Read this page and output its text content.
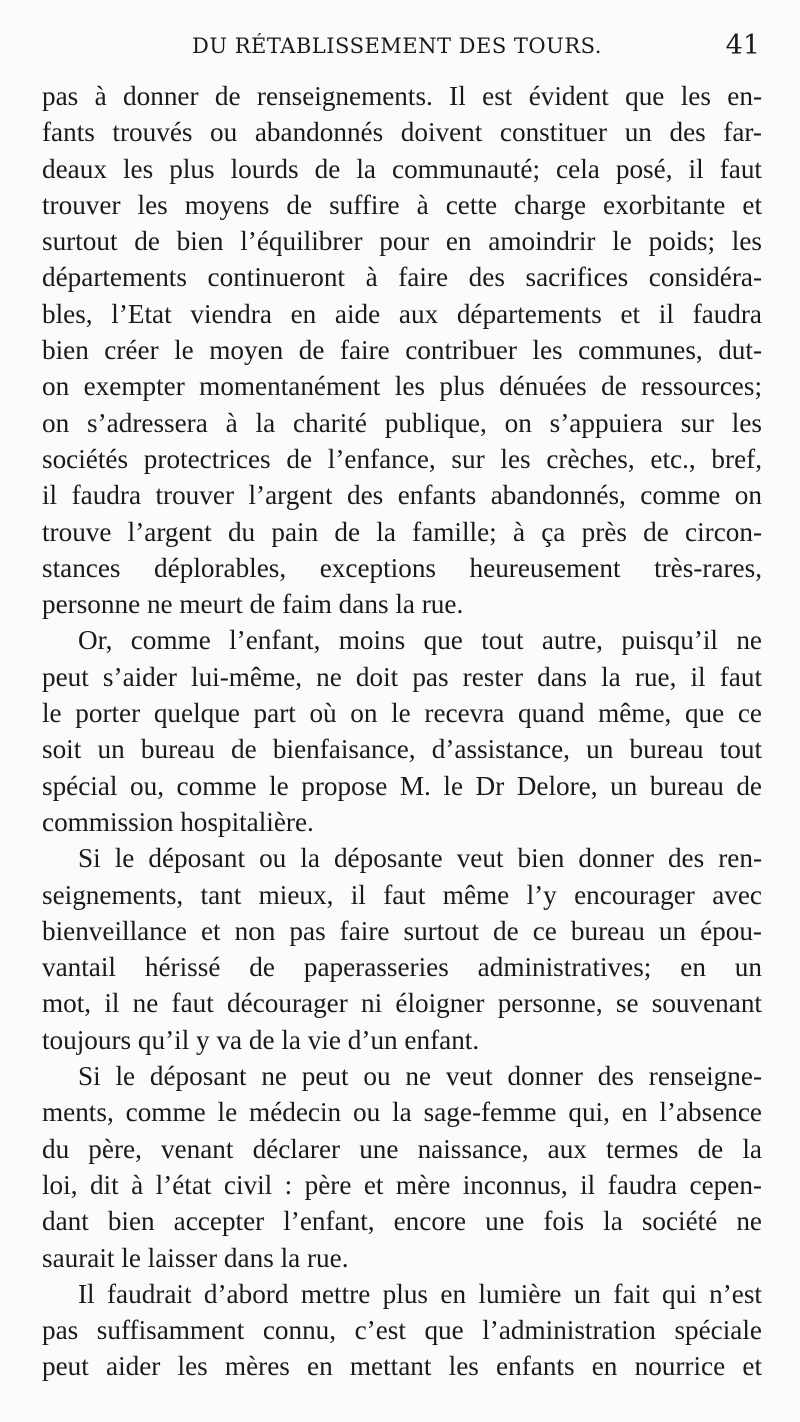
DU RÉTABLISSEMENT DES TOURS.	41
pas à donner de renseignements. Il est évident que les en-
fants trouvés ou abandonnés doivent constituer un des far-
deaux les plus lourds de la communauté; cela posé, il faut
trouver les moyens de suffire à cette charge exorbitante et
surtout de bien l’équilibrer pour en amoindrir le poids; les
départements continueront à faire des sacrifices considéra-
bles, l’Etat viendra en aide aux départements et il faudra
bien créer le moyen de faire contribuer les communes, dut-
on exempter momentanément les plus dénuées de ressources;
on s’adressera à la charité publique, on s’appuiera sur les
sociétés protectrices de l’enfance, sur les crèches, etc., bref,
il faudra trouver l’argent des enfants abandonnés, comme on
trouve l’argent du pain de la famille; à ça près de circon-
stances déplorables, exceptions heureusement très-rares,
personne ne meurt de faim dans la rue.
Or, comme l’enfant, moins que tout autre, puisqu’il ne
peut s’aider lui-même, ne doit pas rester dans la rue, il faut
le porter quelque part où on le recevra quand même, que ce
soit un bureau de bienfaisance, d’assistance, un bureau tout
spécial ou, comme le propose M. le Dr Delore, un bureau de
commission hospitalière.
Si le déposant ou la déposante veut bien donner des ren-
seignements, tant mieux, il faut même l’y encourager avec
bienveillance et non pas faire surtout de ce bureau un épou-
vantail hérissé de paperasseries administratives; en un
mot, il ne faut décourager ni éloigner personne, se souvenant
toujours qu’il y va de la vie d’un enfant.
Si le déposant ne peut ou ne veut donner des renseigne-
ments, comme le médecin ou la sage-femme qui, en l’absence
du père, venant déclarer une naissance, aux termes de la
loi, dit à l’état civil : père et mère inconnus, il faudra cepen-
dant bien accepter l’enfant, encore une fois la société ne
saurait le laisser dans la rue.
Il faudrait d’abord mettre plus en lumière un fait qui n’est
pas suffisamment connu, c’est que l’administration spéciale
peut aider les mères en mettant les enfants en nourrice et
